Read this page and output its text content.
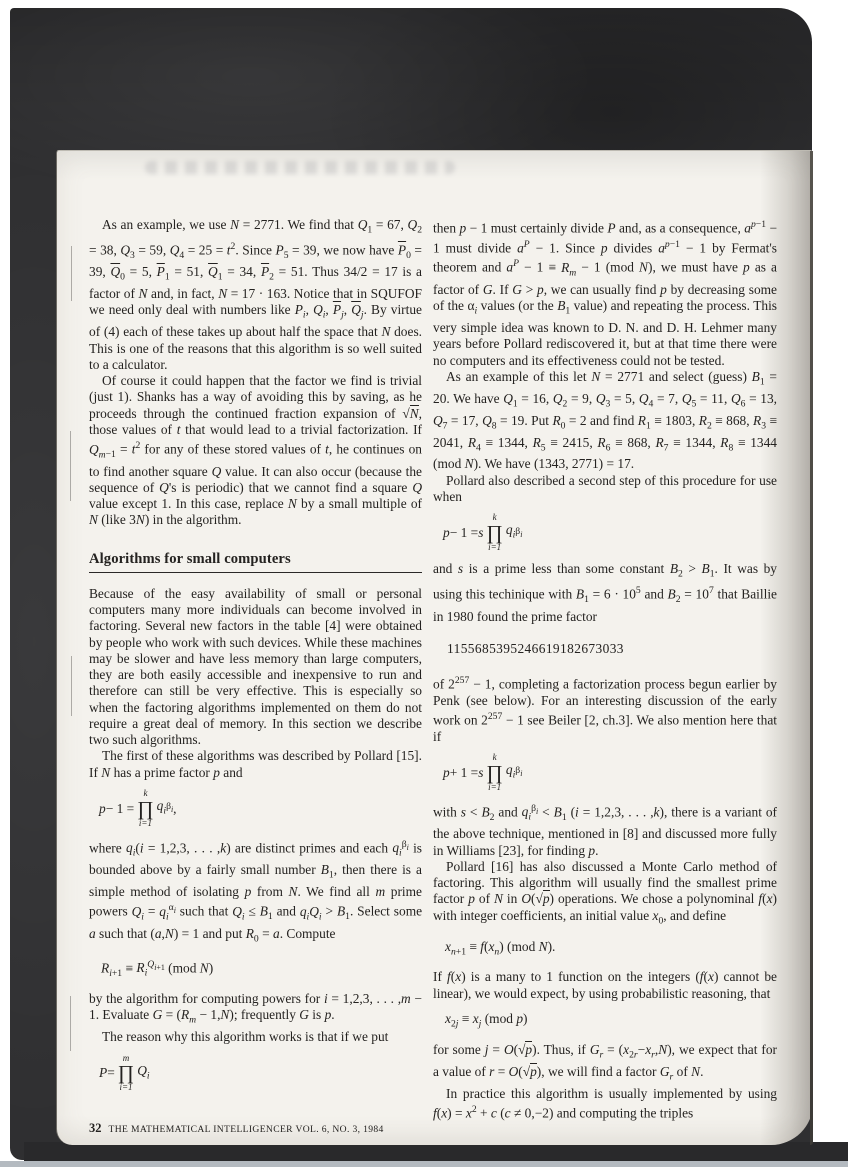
As an example, we use N = 2771. We find that $Q_1 = 67$, $Q_2 = 38$, $Q_3 = 59$, $Q_4 = 25 = t^2$. Since $P_5 = 39$, we now have $\overline{P}_0 = 39$, $\overline{Q}_0 = 5$, $\overline{P}_1 = 51$, $\overline{Q}_1 = 34$, $\overline{P}_2 = 51$. Thus 34/2 = 17 is a factor of N and, in fact, N = 17 · 163. Notice that in SQUFOF we need only deal with numbers like $P_i$, $Q_i$, $\overline{P}_j$, $\overline{Q}_j$. By virtue of (4) each of these takes up about half the space that N does. This is one of the reasons that this algorithm is so well suited to a calculator.

Of course it could happen that the factor we find is trivial (just 1). Shanks has a way of avoiding this by saving, as he proceeds through the continued fraction expansion of √N, those values of t that would lead to a trivial factorization. If $Q_{m-1} = t^2$ for any of these stored values of t, he continues on to find another square Q value. It can also occur (because the sequence of Q's is periodic) that we cannot find a square Q value except 1. In this case, replace N by a small multiple of N (like 3N) in the algorithm.

Algorithms for small computers

Because of the easy availability of small or personal computers many more individuals can become involved in factoring. Several new factors in the table [4] were obtained by people who work with such devices. While these machines may be slower and have less memory than large computers, they are both easily accessible and inexpensive to run and therefore can still be very effective. This is especially so when the factoring algorithms implemented on them do not require a great deal of memory. In this section we describe two such algorithms.

The first of these algorithms was described by Pollard [15]. If N has a prime factor p and

p − 1 =
k
∏
i=1
$q_i$ $\beta_i$ ,

where $q_i(i = 1,2,3$, . . . ,k) are distinct primes and each $q_i^{\beta_i}$ is bounded above by a fairly small number $B_1$, then there is a simple method of isolating p from N. We find all m prime powers $Q_i = q_i^{\alpha_i}$ such that $Q_i \le B_1$ and $q_iQ_i > B_1$. Select some a such that (a,N) = 1 and put $R_0 = a$. Compute

$R_{i+1} \equiv R_i^{Q_{i+1}}$ (mod N)

by the algorithm for computing powers for i = 1,2,3, . . . ,m − 1. Evaluate $G = (R_m - 1,N)$; frequently G is p.

The reason why this algorithm works is that if we put

P =
m
∏
i=1
$Q_i$

then p − 1 must certainly divide P and, as a consequence, $a^{p-1} - 1$ must divide $a^P - 1$. Since p divides $a^{p-1} - 1$ by Fermat's theorem and $a^P - 1 \equiv R_m - 1$ (mod N), we must have p as a factor of G. If G > p, we can usually find p by decreasing some of the $\alpha_i$ values (or the $B_1$ value) and repeating the process. This very simple idea was known to D. N. and D. H. Lehmer many years before Pollard rediscovered it, but at that time there were no computers and its effectiveness could not be tested.

As an example of this let N = 2771 and select (guess) $B_1 = 20$. We have $Q_1 = 16$, $Q_2 = 9$, $Q_3 = 5$, $Q_4 = 7$, $Q_5 = 11$, $Q_6 = 13$, $Q_7 = 17$, $Q_8 = 19$. Put $R_0 = 2$ and find $R_1 \equiv 1803$, $R_2 \equiv 868$, $R_3 \equiv 2041$, $R_4 \equiv 1344$, $R_5 \equiv 2415$, $R_6 \equiv 868$, $R_7 \equiv 1344$, $R_8 \equiv 1344$ (mod N). We have (1343, 2771) = 17.

Pollard also described a second step of this procedure for use when

p − 1 = s
k
∏
i=1
$q_i$ $\beta_i$

and s is a prime less than some constant $B_2 > B_1$. It was by using this techinique with $B_1 = 6 \cdot 10^5$ and $B_2 = 10^7$ that Baillie in 1980 found the prime factor

1155685395246619182673033

of $2^{257} - 1$, completing a factorization process begun earlier by Penk (see below). For an interesting discussion of the early work on $2^{257} - 1$ see Beiler [2, ch.3]. We also mention here that if

p + 1 = s
k
∏
i=1
$q_i$ $\beta_i$

with $s < B_2$ and $q_i^{\beta_i} < B_1$ (i = 1,2,3, . . . ,k), there is a variant of the above technique, mentioned in [8] and discussed more fully in Williams [23], for finding p.

Pollard [16] has also discussed a Monte Carlo method of factoring. This algorithm will usually find the smallest prime factor p of N in O(√p) operations. We chose a polynominal f(x) with integer coefficients, an initial value $x_0$, and define

$x_{n+1} \equiv f(x_n)$ (mod N).

If f(x) is a many to 1 function on the integers (f(x) cannot be linear), we would expect, by using probabilistic reasoning, that

$x_{2j} \equiv x_j$ (mod p)

for some j = O(√p). Thus, if $G_r = (x_{2r}-x_r,N)$, we expect that for a value of r = O(√p), we will find a factor $G_r$ of N.

In practice this algorithm is usually implemented by using $f(x) = x^2 + c$ (c ≠ 0,−2) and computing the triples

32 THE MATHEMATICAL INTELLIGENCER VOL. 6, NO. 3, 1984
